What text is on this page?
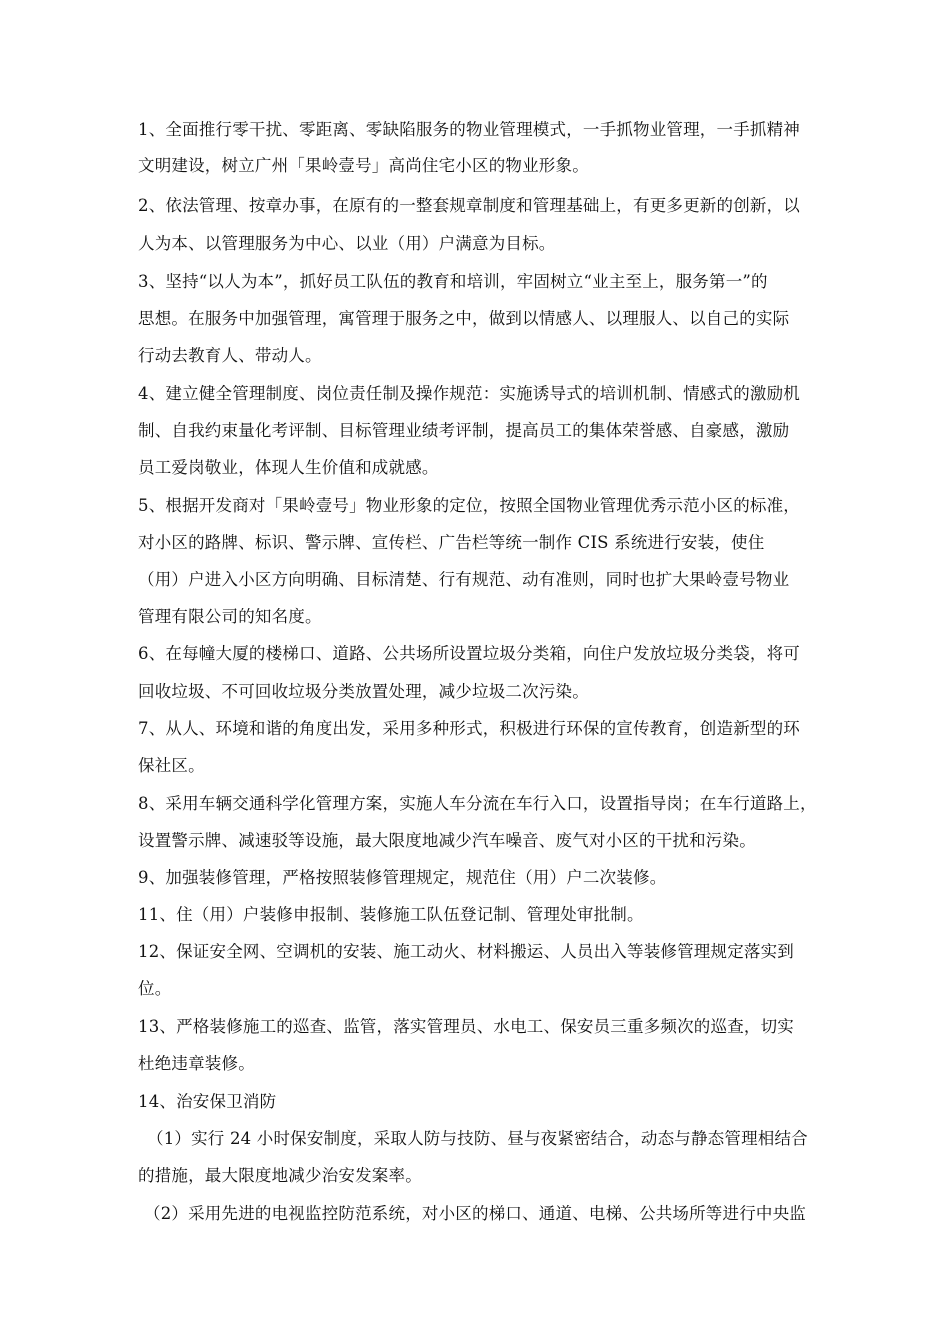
1、全面推行零干扰、零距离、零缺陷服务的物业管理模式，一手抓物业管理，一手抓精神
文明建设，树立广州「果岭壹号」高尚住宅小区的物业形象。
2、依法管理、按章办事，在原有的一整套规章制度和管理基础上，有更多更新的创新，以
人为本、以管理服务为中心、以业（用）户满意为目标。
3、坚持“以人为本”，抓好员工队伍的教育和培训，牢固树立“业主至上，服务第一”的
思想。在服务中加强管理，寓管理于服务之中，做到以情感人、以理服人、以自己的实际
行动去教育人、带动人。
4、建立健全管理制度、岗位责任制及操作规范：实施诱导式的培训机制、情感式的激励机
制、自我约束量化考评制、目标管理业绩考评制，提高员工的集体荣誉感、自豪感，激励
员工爱岗敬业，体现人生价值和成就感。
5、根据开发商对「果岭壹号」物业形象的定位，按照全国物业管理优秀示范小区的标准，
对小区的路牌、标识、警示牌、宣传栏、广告栏等统一制作 CIS 系统进行安装，使住
（用）户进入小区方向明确、目标清楚、行有规范、动有准则，同时也扩大果岭壹号物业
管理有限公司的知名度。
6、在每幢大厦的楼梯口、道路、公共场所设置垃圾分类箱，向住户发放垃圾分类袋，将可
回收垃圾、不可回收垃圾分类放置处理，减少垃圾二次污染。
7、从人、环境和谐的角度出发，采用多种形式，积极进行环保的宣传教育，创造新型的环
保社区。
8、采用车辆交通科学化管理方案，实施人车分流在车行入口，设置指导岗；在车行道路上，
设置警示牌、减速驳等设施，最大限度地减少汽车噪音、废气对小区的干扰和污染。
9、加强装修管理，严格按照装修管理规定，规范住（用）户二次装修。
11、住（用）户装修申报制、装修施工队伍登记制、管理处审批制。
12、保证安全网、空调机的安装、施工动火、材料搬运、人员出入等装修管理规定落实到
位。
13、严格装修施工的巡查、监管，落实管理员、水电工、保安员三重多频次的巡查，切实
杜绝违章装修。
14、治安保卫消防
（1）实行 24 小时保安制度，采取人防与技防、昼与夜紧密结合，动态与静态管理相结合
的措施，最大限度地减少治安发案率。
（2）采用先进的电视监控防范系统，对小区的梯口、通道、电梯、公共场所等进行中央监
